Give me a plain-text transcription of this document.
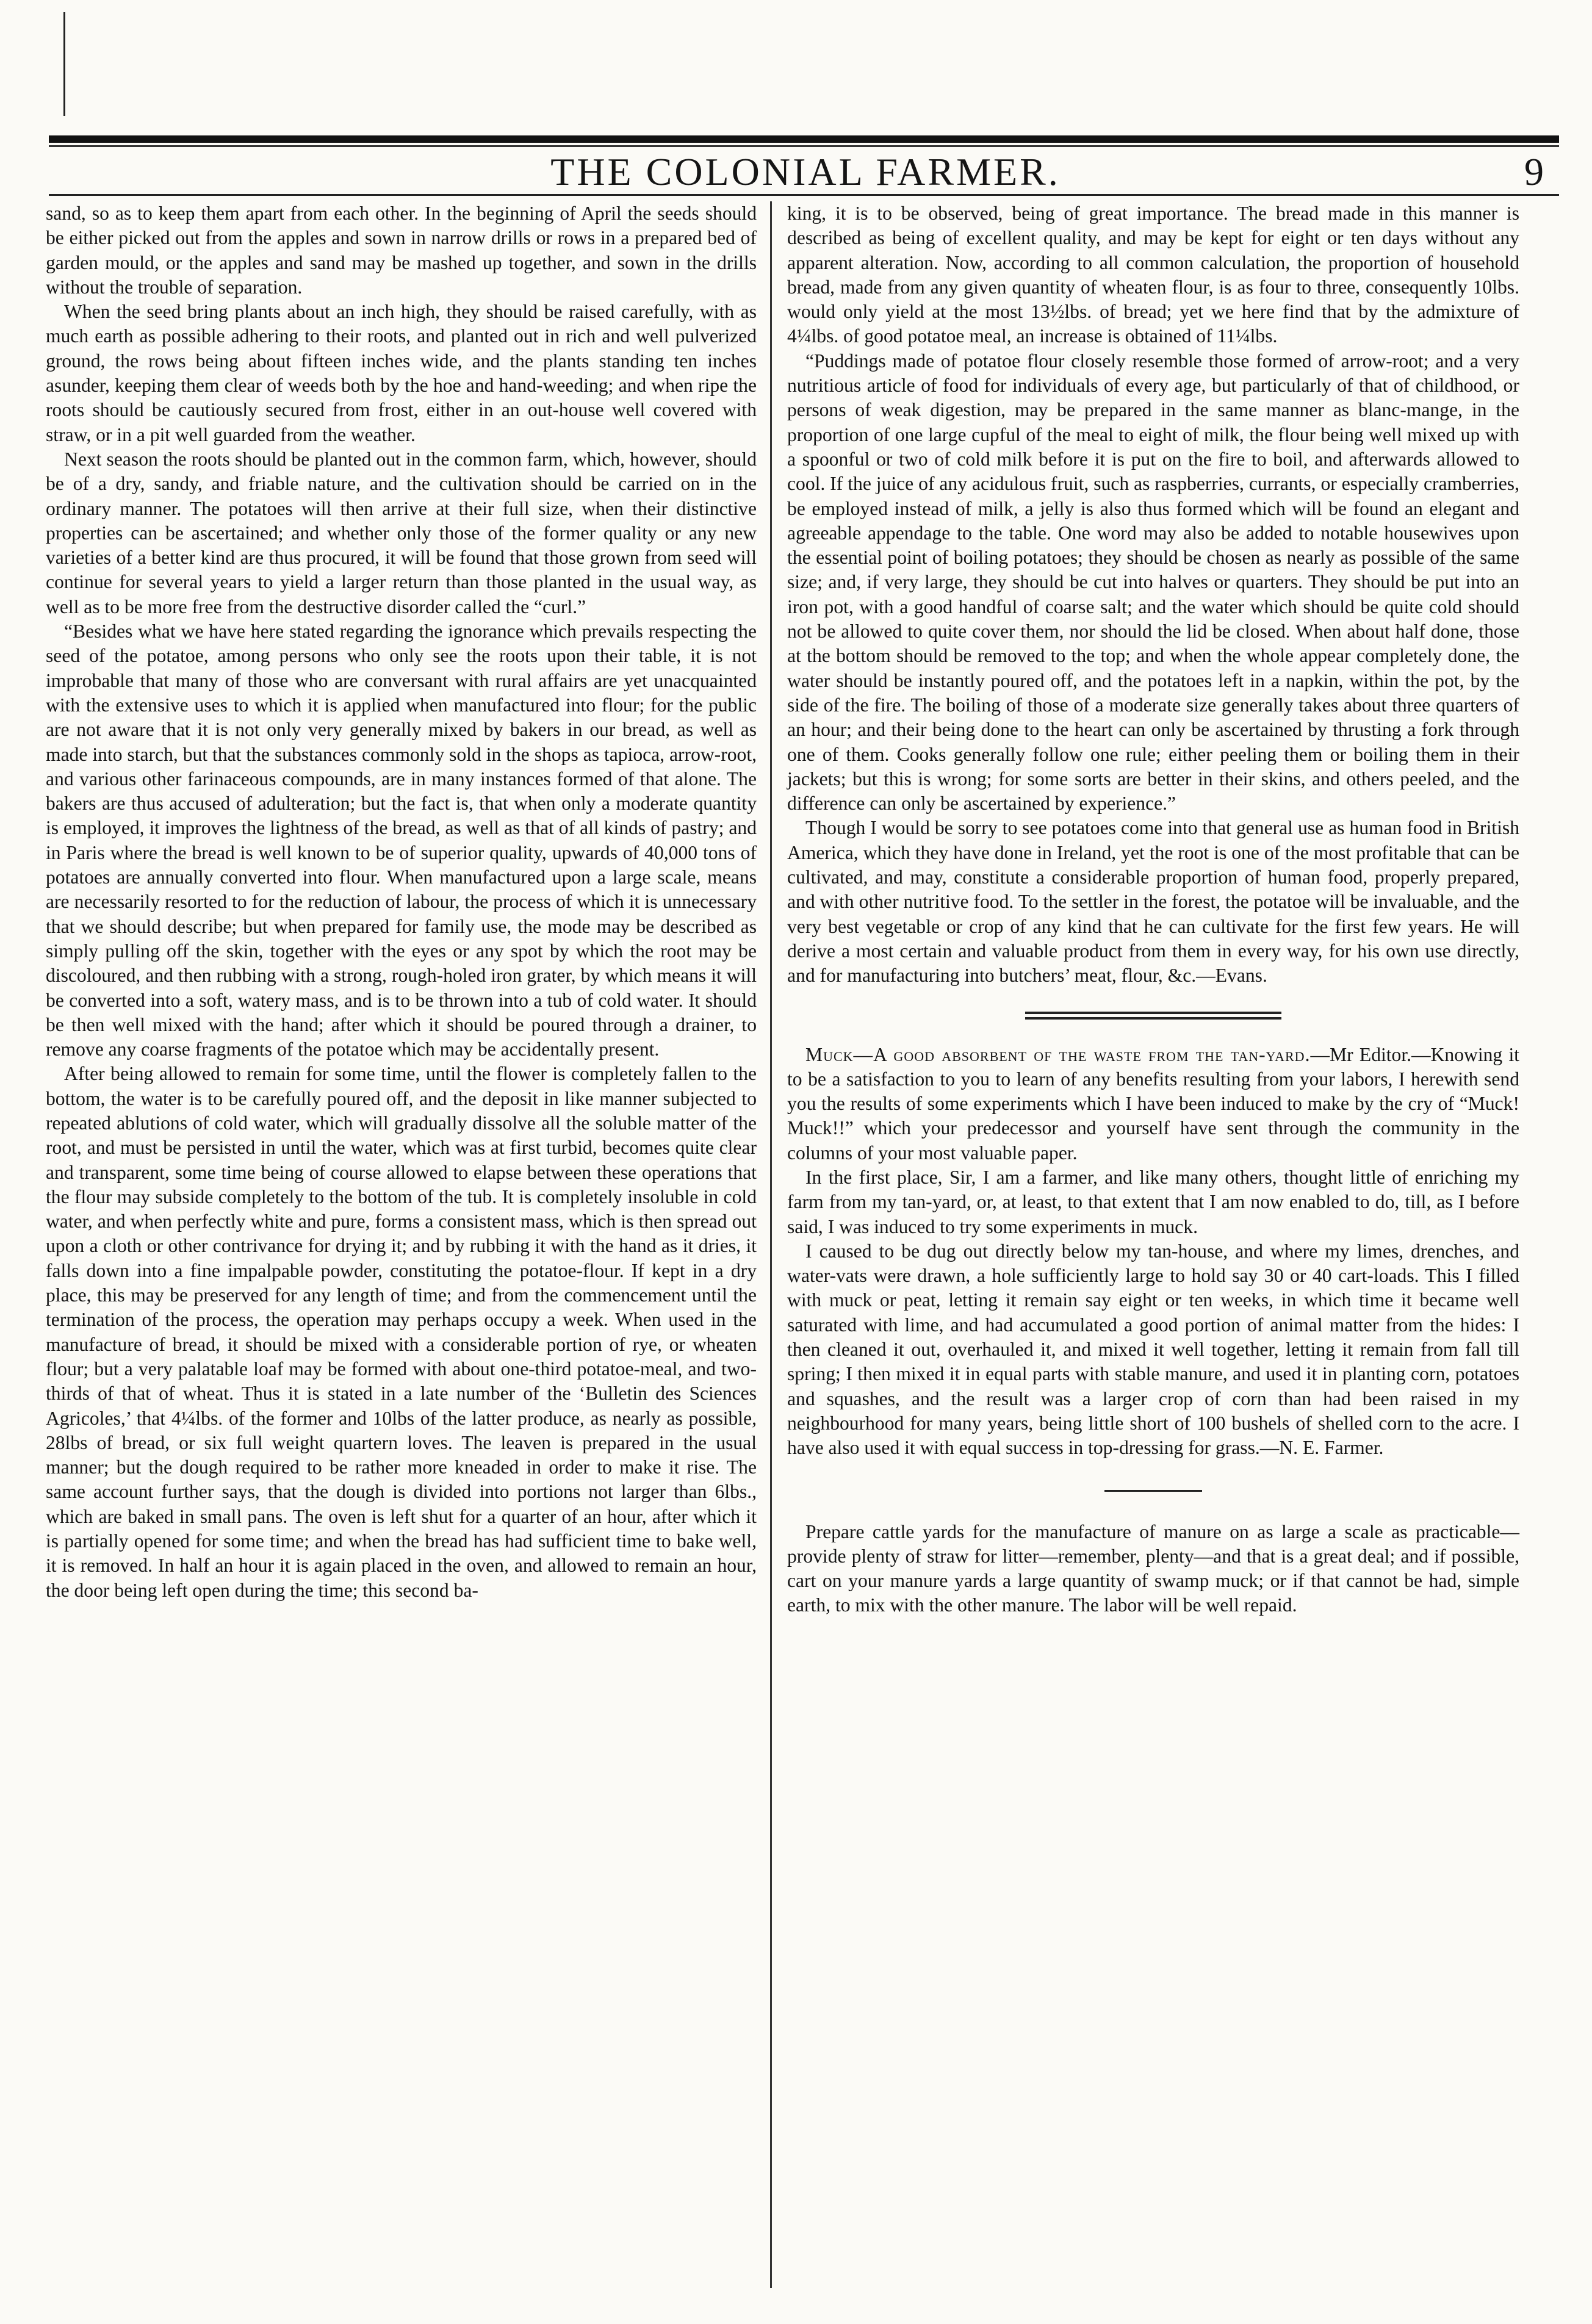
THE COLONIAL FARMER.	9

sand, so as to keep them apart from each other. In the beginning of April the seeds should be either picked out from the apples and sown in narrow drills or rows in a prepared bed of garden mould, or the apples and sand may be mashed up together, and sown in the drills without the trouble of separation.

When the seed bring plants about an inch high, they should be raised carefully, with as much earth as possible adhering to their roots, and planted out in rich and well pulverized ground, the rows being about fifteen inches wide, and the plants standing ten inches asunder, keeping them clear of weeds both by the hoe and hand-weeding; and when ripe the roots should be cautiously secured from frost, either in an out-house well covered with straw, or in a pit well guarded from the weather.

Next season the roots should be planted out in the common farm, which, however, should be of a dry, sandy, and friable nature, and the cultivation should be carried on in the ordinary manner. The potatoes will then arrive at their full size, when their distinctive properties can be ascertained; and whether only those of the former quality or any new varieties of a better kind are thus procured, it will be found that those grown from seed will continue for several years to yield a larger return than those planted in the usual way, as well as to be more free from the destructive disorder called the “curl.”

“Besides what we have here stated regarding the ignorance which prevails respecting the seed of the potatoe, among persons who only see the roots upon their table, it is not improbable that many of those who are conversant with rural affairs are yet unacquainted with the extensive uses to which it is applied when manufactured into flour; for the public are not aware that it is not only very generally mixed by bakers in our bread, as well as made into starch, but that the substances commonly sold in the shops as tapioca, arrow-root, and various other farinaceous compounds, are in many instances formed of that alone. The bakers are thus accused of adulteration; but the fact is, that when only a moderate quantity is employed, it improves the lightness of the bread, as well as that of all kinds of pastry; and in Paris where the bread is well known to be of superior quality, upwards of 40,000 tons of potatoes are annually converted into flour. When manufactured upon a large scale, means are necessarily resorted to for the reduction of labour, the process of which it is unnecessary that we should describe; but when prepared for family use, the mode may be described as simply pulling off the skin, together with the eyes or any spot by which the root may be discoloured, and then rubbing with a strong, rough-holed iron grater, by which means it will be converted into a soft, watery mass, and is to be thrown into a tub of cold water. It should be then well mixed with the hand; after which it should be poured through a drainer, to remove any coarse fragments of the potatoe which may be accidentally present.

After being allowed to remain for some time, until the flower is completely fallen to the bottom, the water is to be carefully poured off, and the deposit in like manner subjected to repeated ablutions of cold water, which will gradually dissolve all the soluble matter of the root, and must be persisted in until the water, which was at first turbid, becomes quite clear and transparent, some time being of course allowed to elapse between these operations that the flour may subside completely to the bottom of the tub. It is completely insoluble in cold water, and when perfectly white and pure, forms a consistent mass, which is then spread out upon a cloth or other contrivance for drying it; and by rubbing it with the hand as it dries, it falls down into a fine impalpable powder, constituting the potatoe-flour. If kept in a dry place, this may be preserved for any length of time; and from the commencement until the termination of the process, the operation may perhaps occupy a week. When used in the manufacture of bread, it should be mixed with a considerable portion of rye, or wheaten flour; but a very palatable loaf may be formed with about one-third potatoe-meal, and two-thirds of that of wheat. Thus it is stated in a late number of the ‘Bulletin des Sciences Agricoles,’ that 4¼lbs. of the former and 10lbs of the latter produce, as nearly as possible, 28lbs of bread, or six full weight quartern loves. The leaven is prepared in the usual manner; but the dough required to be rather more kneaded in order to make it rise. The same account further says, that the dough is divided into portions not larger than 6lbs., which are baked in small pans. The oven is left shut for a quarter of an hour, after which it is partially opened for some time; and when the bread has had sufficient time to bake well, it is removed. In half an hour it is again placed in the oven, and allowed to remain an hour, the door being left open during the time; this second ba-

king, it is to be observed, being of great importance. The bread made in this manner is described as being of excellent quality, and may be kept for eight or ten days without any apparent alteration. Now, according to all common calculation, the proportion of household bread, made from any given quantity of wheaten flour, is as four to three, consequently 10lbs. would only yield at the most 13½lbs. of bread; yet we here find that by the admixture of 4¼lbs. of good potatoe meal, an increase is obtained of 11¼lbs.

“Puddings made of potatoe flour closely resemble those formed of arrow-root; and a very nutritious article of food for individuals of every age, but particularly of that of childhood, or persons of weak digestion, may be prepared in the same manner as blanc-mange, in the proportion of one large cupful of the meal to eight of milk, the flour being well mixed up with a spoonful or two of cold milk before it is put on the fire to boil, and afterwards allowed to cool. If the juice of any acidulous fruit, such as raspberries, currants, or especially cramberries, be employed instead of milk, a jelly is also thus formed which will be found an elegant and agreeable appendage to the table. One word may also be added to notable housewives upon the essential point of boiling potatoes; they should be chosen as nearly as possible of the same size; and, if very large, they should be cut into halves or quarters. They should be put into an iron pot, with a good handful of coarse salt; and the water which should be quite cold should not be allowed to quite cover them, nor should the lid be closed. When about half done, those at the bottom should be removed to the top; and when the whole appear completely done, the water should be instantly poured off, and the potatoes left in a napkin, within the pot, by the side of the fire. The boiling of those of a moderate size generally takes about three quarters of an hour; and their being done to the heart can only be ascertained by thrusting a fork through one of them. Cooks generally follow one rule; either peeling them or boiling them in their jackets; but this is wrong; for some sorts are better in their skins, and others peeled, and the difference can only be ascertained by experience.”

Though I would be sorry to see potatoes come into that general use as human food in British America, which they have done in Ireland, yet the root is one of the most profitable that can be cultivated, and may, constitute a considerable proportion of human food, properly prepared, and with other nutritive food. To the settler in the forest, the potatoe will be invaluable, and the very best vegetable or crop of any kind that he can cultivate for the first few years. He will derive a most certain and valuable product from them in every way, for his own use directly, and for manufacturing into butchers’ meat, flour, &c.—Evans.

Muck—A good absorbent of the waste from the tan-yard.—Mr Editor.—Knowing it to be a satisfaction to you to learn of any benefits resulting from your labors, I herewith send you the results of some experiments which I have been induced to make by the cry of “Muck! Muck!!” which your predecessor and yourself have sent through the community in the columns of your most valuable paper.

In the first place, Sir, I am a farmer, and like many others, thought little of enriching my farm from my tan-yard, or, at least, to that extent that I am now enabled to do, till, as I before said, I was induced to try some experiments in muck.

I caused to be dug out directly below my tan-house, and where my limes, drenches, and water-vats were drawn, a hole sufficiently large to hold say 30 or 40 cart-loads. This I filled with muck or peat, letting it remain say eight or ten weeks, in which time it became well saturated with lime, and had accumulated a good portion of animal matter from the hides: I then cleaned it out, overhauled it, and mixed it well together, letting it remain from fall till spring; I then mixed it in equal parts with stable manure, and used it in planting corn, potatoes and squashes, and the result was a larger crop of corn than had been raised in my neighbourhood for many years, being little short of 100 bushels of shelled corn to the acre. I have also used it with equal success in top-dressing for grass.—N. E. Farmer.

Prepare cattle yards for the manufacture of manure on as large a scale as practicable—provide plenty of straw for litter—remember, plenty—and that is a great deal; and if possible, cart on your manure yards a large quantity of swamp muck; or if that cannot be had, simple earth, to mix with the other manure. The labor will be well repaid.
